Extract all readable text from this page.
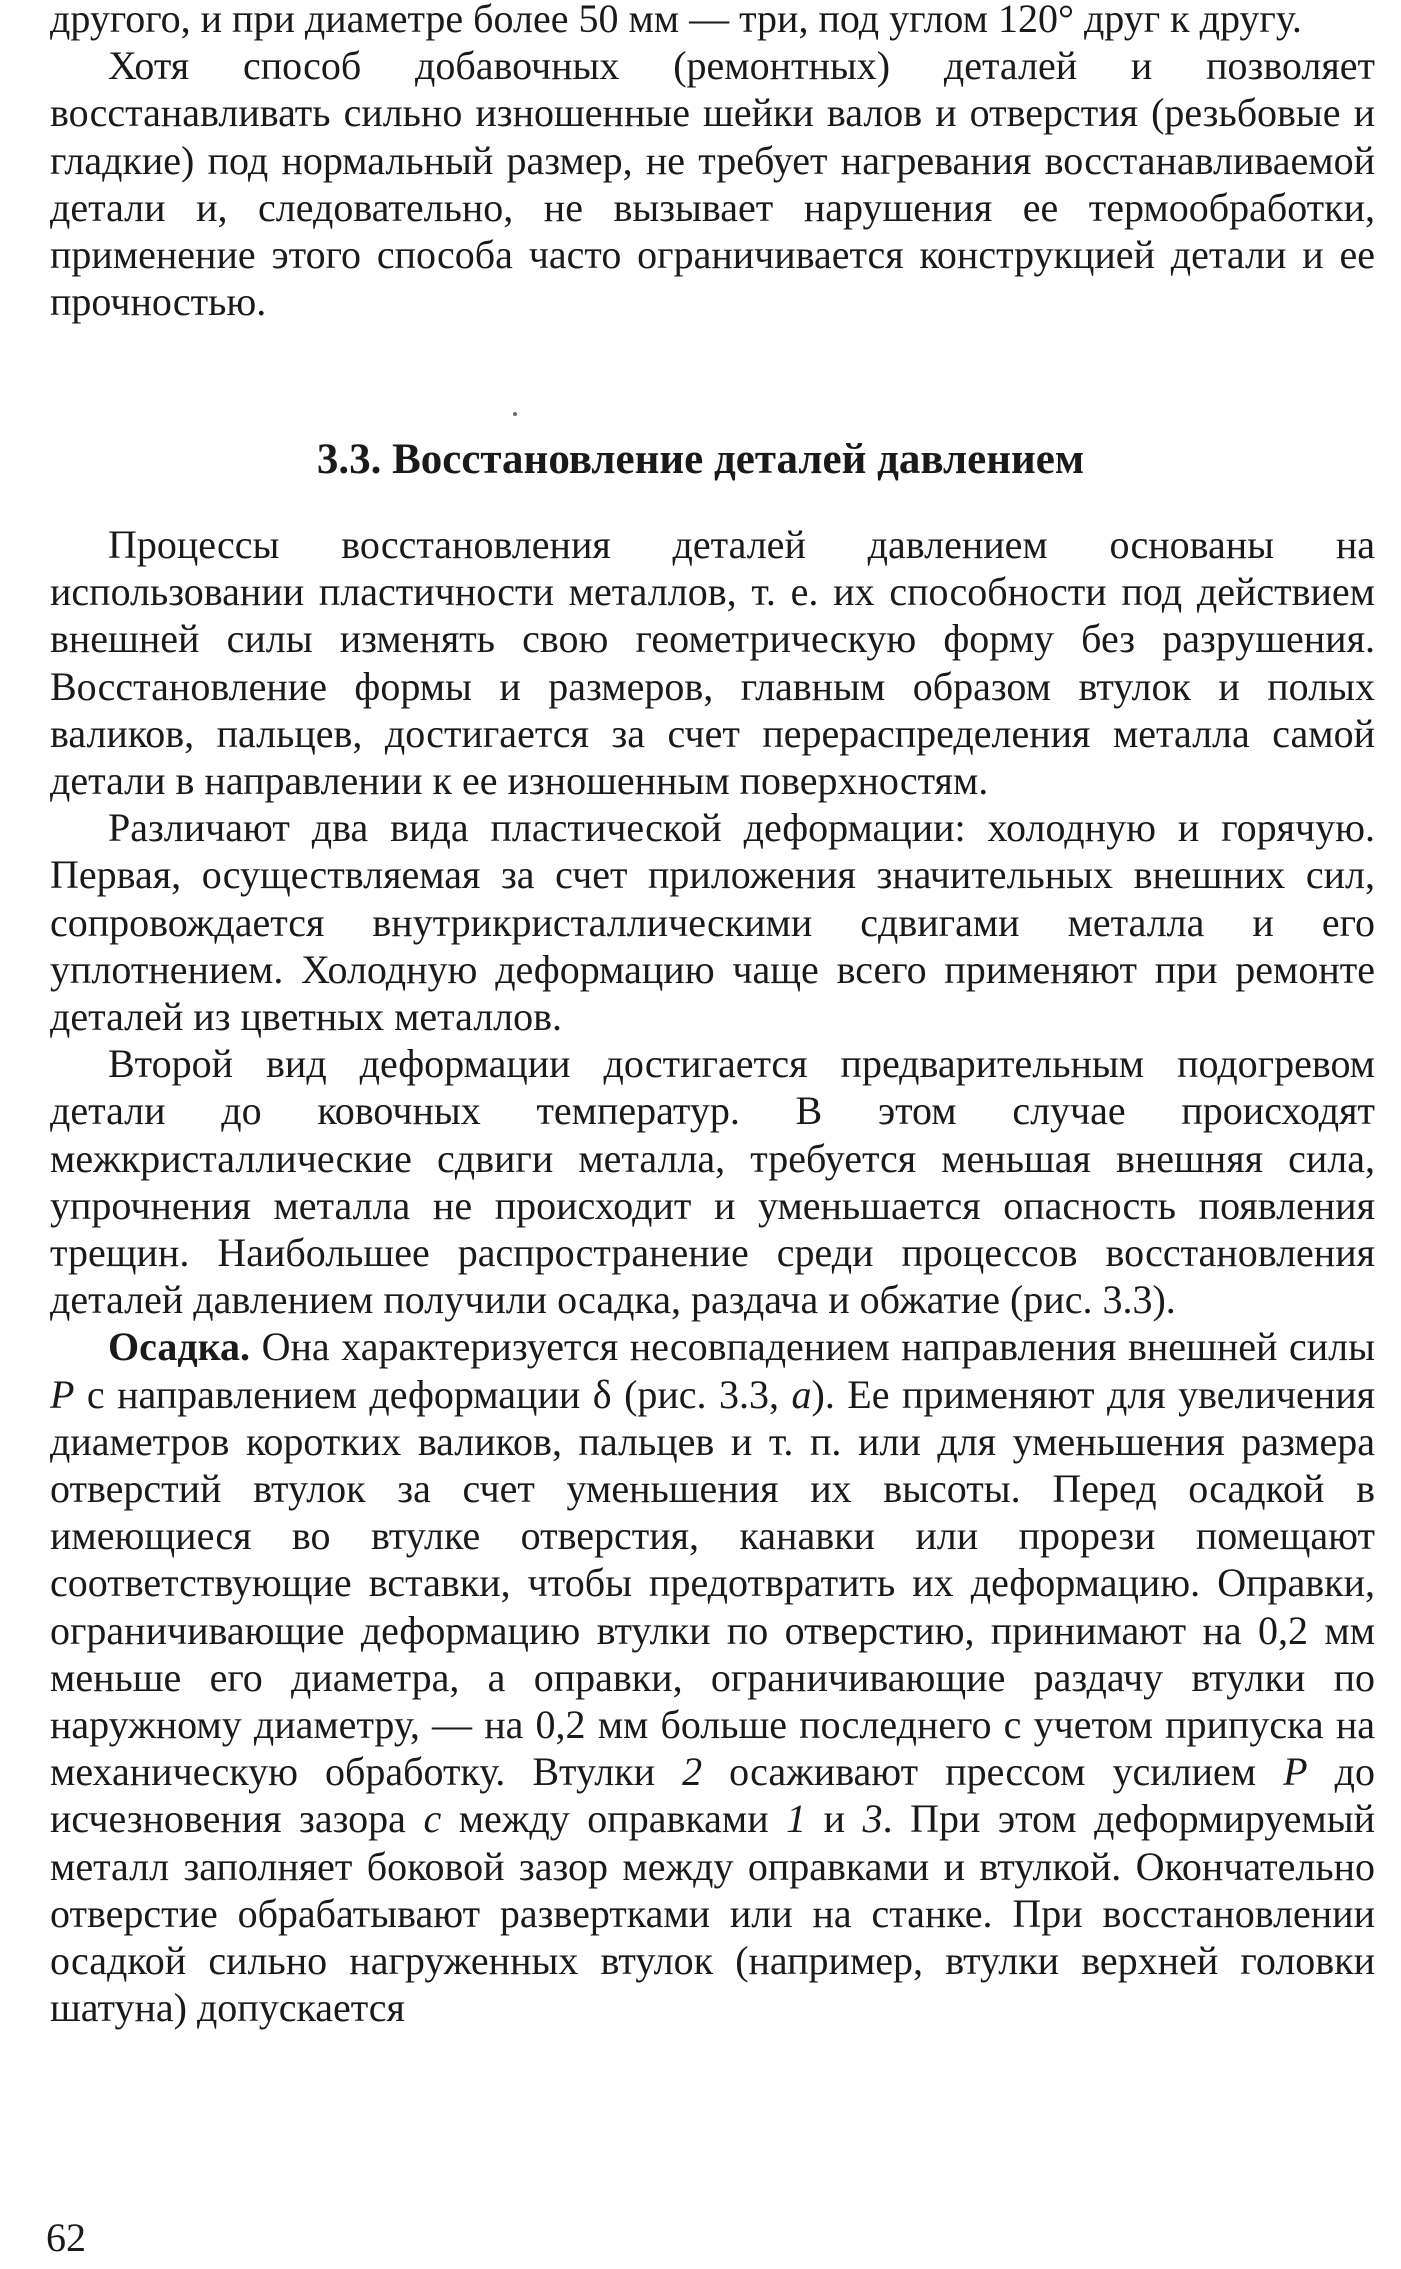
другого, и при диаметре более 50 мм — три, под углом 120° друг к другу.

Хотя способ добавочных (ремонтных) деталей и позволяет восстанавливать сильно изношенные шейки валов и отверстия (резьбовые и гладкие) под нормальный размер, не требует нагревания восстанавливаемой детали и, следовательно, не вызывает нарушения ее термообработки, применение этого способа часто ограничивается конструкцией детали и ее прочностью.

3.3. Восстановление деталей давлением

Процессы восстановления деталей давлением основаны на использовании пластичности металлов, т. е. их способности под действием внешней силы изменять свою геометрическую форму без разрушения. Восстановление формы и размеров, главным образом втулок и полых валиков, пальцев, достигается за счет перераспределения металла самой детали в направлении к ее изношенным поверхностям.

Различают два вида пластической деформации: холодную и горячую. Первая, осуществляемая за счет приложения значительных внешних сил, сопровождается внутрикристаллическими сдвигами металла и его уплотнением. Холодную деформацию чаще всего применяют при ремонте деталей из цветных металлов.

Второй вид деформации достигается предварительным подогревом детали до ковочных температур. В этом случае происходят межкристаллические сдвиги металла, требуется меньшая внешняя сила, упрочнения металла не происходит и уменьшается опасность появления трещин. Наибольшее распространение среди процессов восстановления деталей давлением получили осадка, раздача и обжатие (рис. 3.3).

Осадка. Она характеризуется несовпадением направления внешней силы P с направлением деформации δ (рис. 3.3, а). Ее применяют для увеличения диаметров коротких валиков, пальцев и т. п. или для уменьшения размера отверстий втулок за счет уменьшения их высоты. Перед осадкой в имеющиеся во втулке отверстия, канавки или прорези помещают соответствующие вставки, чтобы предотвратить их деформацию. Оправки, ограничивающие деформацию втулки по отверстию, принимают на 0,2 мм меньше его диаметра, а оправки, ограничивающие раздачу втулки по наружному диаметру, — на 0,2 мм больше последнего с учетом припуска на механическую обработку. Втулки 2 осаживают прессом усилием P до исчезновения зазора c между оправками 1 и 3. При этом деформируемый металл заполняет боковой зазор между оправками и втулкой. Окончательно отверстие обрабатывают развертками или на станке. При восстановлении осадкой сильно нагруженных втулок (например, втулки верхней головки шатуна) допускается

62
